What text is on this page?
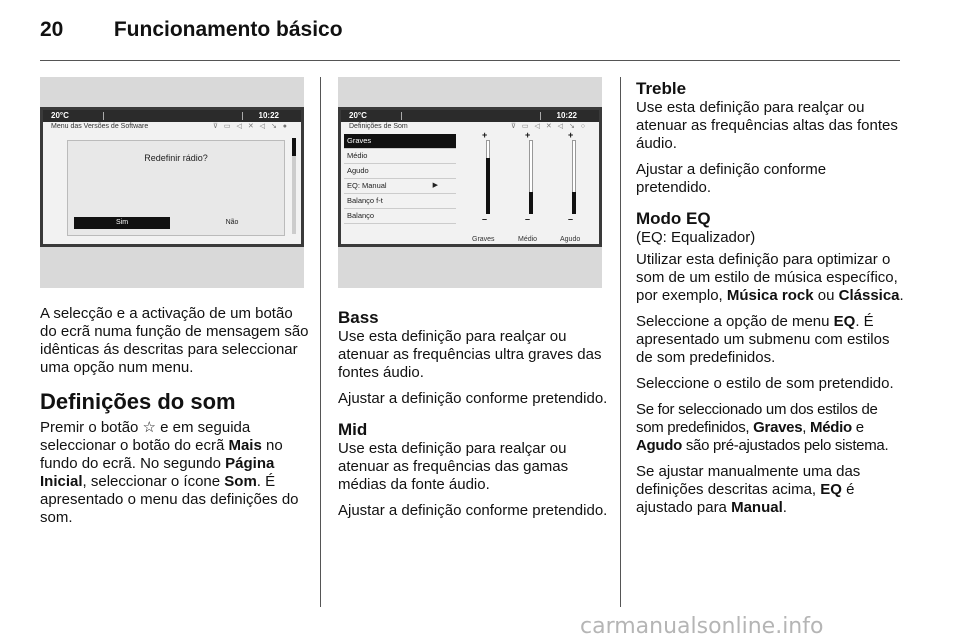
20 Funcionamento básico
20°C	10:22
Menu das Versões de Software	⊽ ▭ ◁ ✕ ◁ ↘ ●
Redefinir rádio?
Sim	Não
20°C	10:22
Definições de Som	⊽ ▭ ◁ ✕ ◁ ↘ ○
Graves
Médio
Agudo
EQ: Manual	▶
Balanço f-t
Balanço
+
–
+
–
+
–
Graves	Médio	Agudo

A selecção e a activação de um botão do ecrã numa função de mensagem são idênticas ás descritas para seleccionar uma opção num menu.

Definições do som

Premir o botão ☆ e em seguida seleccionar o botão do ecrã Mais no fundo do ecrã. No segundo Página Inicial, seleccionar o ícone Som. É apresentado o menu das definições do som.

Bass

Use esta definição para realçar ou atenuar as frequências ultra graves das fontes áudio.

Ajustar a definição conforme pretendido.

Mid

Use esta definição para realçar ou atenuar as frequências das gamas médias da fonte áudio.

Ajustar a definição conforme pretendido.

Treble

Use esta definição para realçar ou atenuar as frequências altas das fontes áudio.

Ajustar a definição conforme pretendido.

Modo EQ

(EQ: Equalizador)

Utilizar esta definição para optimizar o som de um estilo de música específico, por exemplo, Música rock ou Clássica.

Seleccione a opção de menu EQ. É apresentado um submenu com estilos de som predefinidos.

Seleccione o estilo de som pretendido.

Se for seleccionado um dos estilos de som predefinidos, Graves, Médio e Agudo são pré-ajustados pelo sistema.

Se ajustar manualmente uma das definições descritas acima, EQ é ajustado para Manual.

carmanualsonline.info
